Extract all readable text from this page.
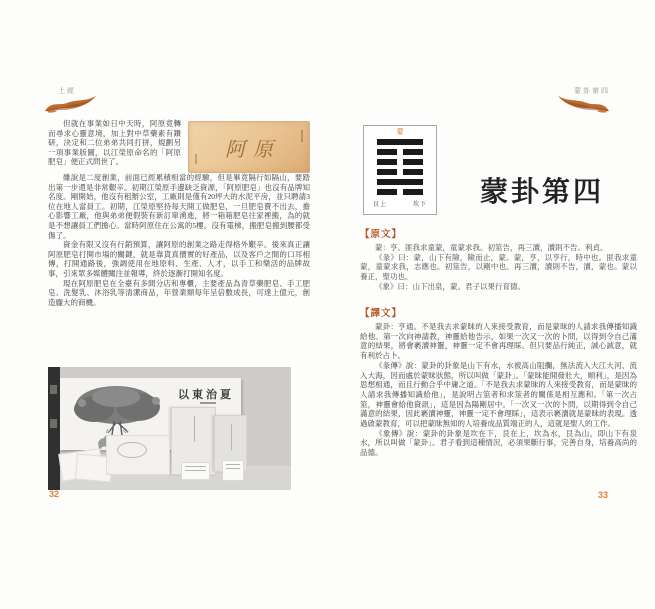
上經

但就在事業如日中天時，阿原竟轉而尋求心靈意境，加上對中草藥素有鑽研，決定和二位弟弟共同打拼，規劃另一項事業版圖，以江榮原命名的「阿原肥皂」便正式問世了。

阿原

雖說是二度創業，前面已經累積相當的經驗，但是畢竟隔行如隔山，要踏出第一步還是非常艱辛。初期江榮原手邊缺乏資源，「阿原肥皂」也沒有品牌知名度。剛開始，他沒有租辦公室，工廠則是僅有20坪大的水泥平房，並只聘請3位在地人當員工。初期，江榮原堅持每天開工做肥皂，一旦肥皂賣不出去，擔心影響工廠，他與弟弟便假裝有新訂單湧進，將一箱箱肥皂往家裡搬，為的就是不想讓員工們擔心。當時阿原住在公寓的5樓，沒有電梯，搬肥皂搬到腰都受傷了。

資金有限又沒有行銷預算，讓阿原的創業之路走得格外艱辛。後來真正讓阿原肥皂打開市場的關鍵，就是靠貨真價實的好產品，以及客戶之間的口耳相傳，打開通路後，強調使用在地原料、生產、人才，以手工和樂活的品牌故事，引來眾多媒體關注並報導，終於逐漸打開知名度。

現在阿原肥皂在全臺有多間分店和專櫃，主要產品為青草藥肥皂、手工肥皂、洗髮乳、沐浴乳等清潔商品，年營業額每年呈倍數成長，可達上億元，創造龐大的商機。

以東治夏
32
蒙卦第四
蒙
艮上	坎下 蒙卦第四
【原文】

蒙：亨。匪我求童蒙，童蒙求我。初筮告，再三瀆，瀆則不告。利貞。

《彖》曰：蒙，山下有險，險而止，蒙。蒙，亨，以亨行，時中也。匪我求童蒙，童蒙求我，志應也。初筮告，以剛中也。再三瀆，瀆則不告，瀆，蒙也。蒙以養正，聖功也。

《象》曰：山下出泉，蒙。君子以果行育德。

【譯文】

蒙卦：亨通。不是我去求蒙昧的人來接受教育，而是蒙昧的人請求我傳播知識給他。第一次向神請教，神靈給他告示，如果一次又一次的卜問，以得到令自己滿意的結果，將會褻瀆神靈，神靈一定不會再理睬。但只要品行純正，誠心誠意，就有利於占卜。

《彖傳》說：蒙卦的卦象是山下有水，水被高山阻攔，無法流入大江大河、流入大海，因而處於蒙昧狀態，所以叫做「蒙卦」。「蒙昧能開發壯大，順利」，是因為思想相通，而且行動合乎中庸之道。「不是我去求蒙昧的人來接受教育，而是蒙昧的人請求我傳播知識給他」，是說明占筮者和求筮者的關係是相互應和。「第一次占筮，神靈會給他資訊」，這是因為陽剛居中。「一次又一次的卜問，以期得到令自己滿意的結果，因此褻瀆神靈，神靈一定不會理睬」，這表示褻瀆就是蒙昧的表現。透過啟蒙教育，可以把蒙昧無知的人培養成品質端正的人，這就是聖人的工作。

《象傳》說：蒙卦的卦象是坎在下，艮在上，坎為水，艮為山，即山下有泉水，所以叫做「蒙卦」。君子看到這種情況，必須果斷行事，完善自身，培養高尚的品德。

33
